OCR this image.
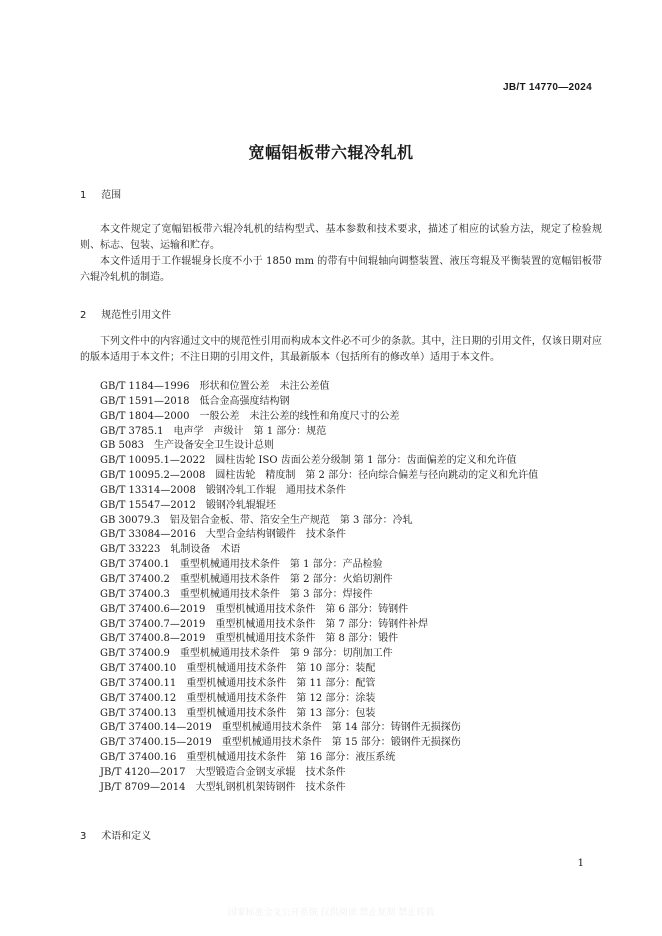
JB/T 14770—2024
宽幅铝板带六辊冷轧机
1 范围
本文件规定了宽幅铝板带六辊冷轧机的结构型式、基本参数和技术要求，描述了相应的试验方法，规定了检验规则、标志、包装、运输和贮存。
本文件适用于工作辊辊身长度不小于 1850 mm 的带有中间辊轴向调整装置、液压弯辊及平衡装置的宽幅铝板带六辊冷轧机的制造。
2 规范性引用文件
下列文件中的内容通过文中的规范性引用而构成本文件必不可少的条款。其中，注日期的引用文件，仅该日期对应的版本适用于本文件；不注日期的引用文件，其最新版本（包括所有的修改单）适用于本文件。
GB/T 1184—1996　形状和位置公差　未注公差值
GB/T 1591—2018　低合金高强度结构钢
GB/T 1804—2000　一般公差　未注公差的线性和角度尺寸的公差
GB/T 3785.1　电声学　声级计　第 1 部分：规范
GB 5083　生产设备安全卫生设计总则
GB/T 10095.1—2022　圆柱齿轮 ISO 齿面公差分级制 第 1 部分：齿面偏差的定义和允许值
GB/T 10095.2—2008　圆柱齿轮　精度制　第 2 部分：径向综合偏差与径向跳动的定义和允许值
GB/T 13314—2008　锻钢冷轧工作辊　通用技术条件
GB/T 15547—2012　锻钢冷轧辊辊坯
GB 30079.3　铝及铝合金板、带、箔安全生产规范　第 3 部分：冷轧
GB/T 33084—2016　大型合金结构钢锻件　技术条件
GB/T 33223　轧制设备　术语
GB/T 37400.1　重型机械通用技术条件　第 1 部分：产品检验
GB/T 37400.2　重型机械通用技术条件　第 2 部分：火焰切割件
GB/T 37400.3　重型机械通用技术条件　第 3 部分：焊接件
GB/T 37400.6—2019　重型机械通用技术条件　第 6 部分：铸钢件
GB/T 37400.7—2019　重型机械通用技术条件　第 7 部分：铸钢件补焊
GB/T 37400.8—2019　重型机械通用技术条件　第 8 部分：锻件
GB/T 37400.9　重型机械通用技术条件　第 9 部分：切削加工件
GB/T 37400.10　重型机械通用技术条件　第 10 部分：装配
GB/T 37400.11　重型机械通用技术条件　第 11 部分：配管
GB/T 37400.12　重型机械通用技术条件　第 12 部分：涂装
GB/T 37400.13　重型机械通用技术条件　第 13 部分：包装
GB/T 37400.14—2019　重型机械通用技术条件　第 14 部分：铸钢件无损探伤
GB/T 37400.15—2019　重型机械通用技术条件　第 15 部分：锻钢件无损探伤
GB/T 37400.16　重型机械通用技术条件　第 16 部分：液压系统
JB/T 4120—2017　大型锻造合金钢支承辊　技术条件
JB/T 8709—2014　大型轧钢机机架铸钢件　技术条件
3 术语和定义
1
国家标准全文公开系统 仅供阅读 禁止复制 禁止转载
